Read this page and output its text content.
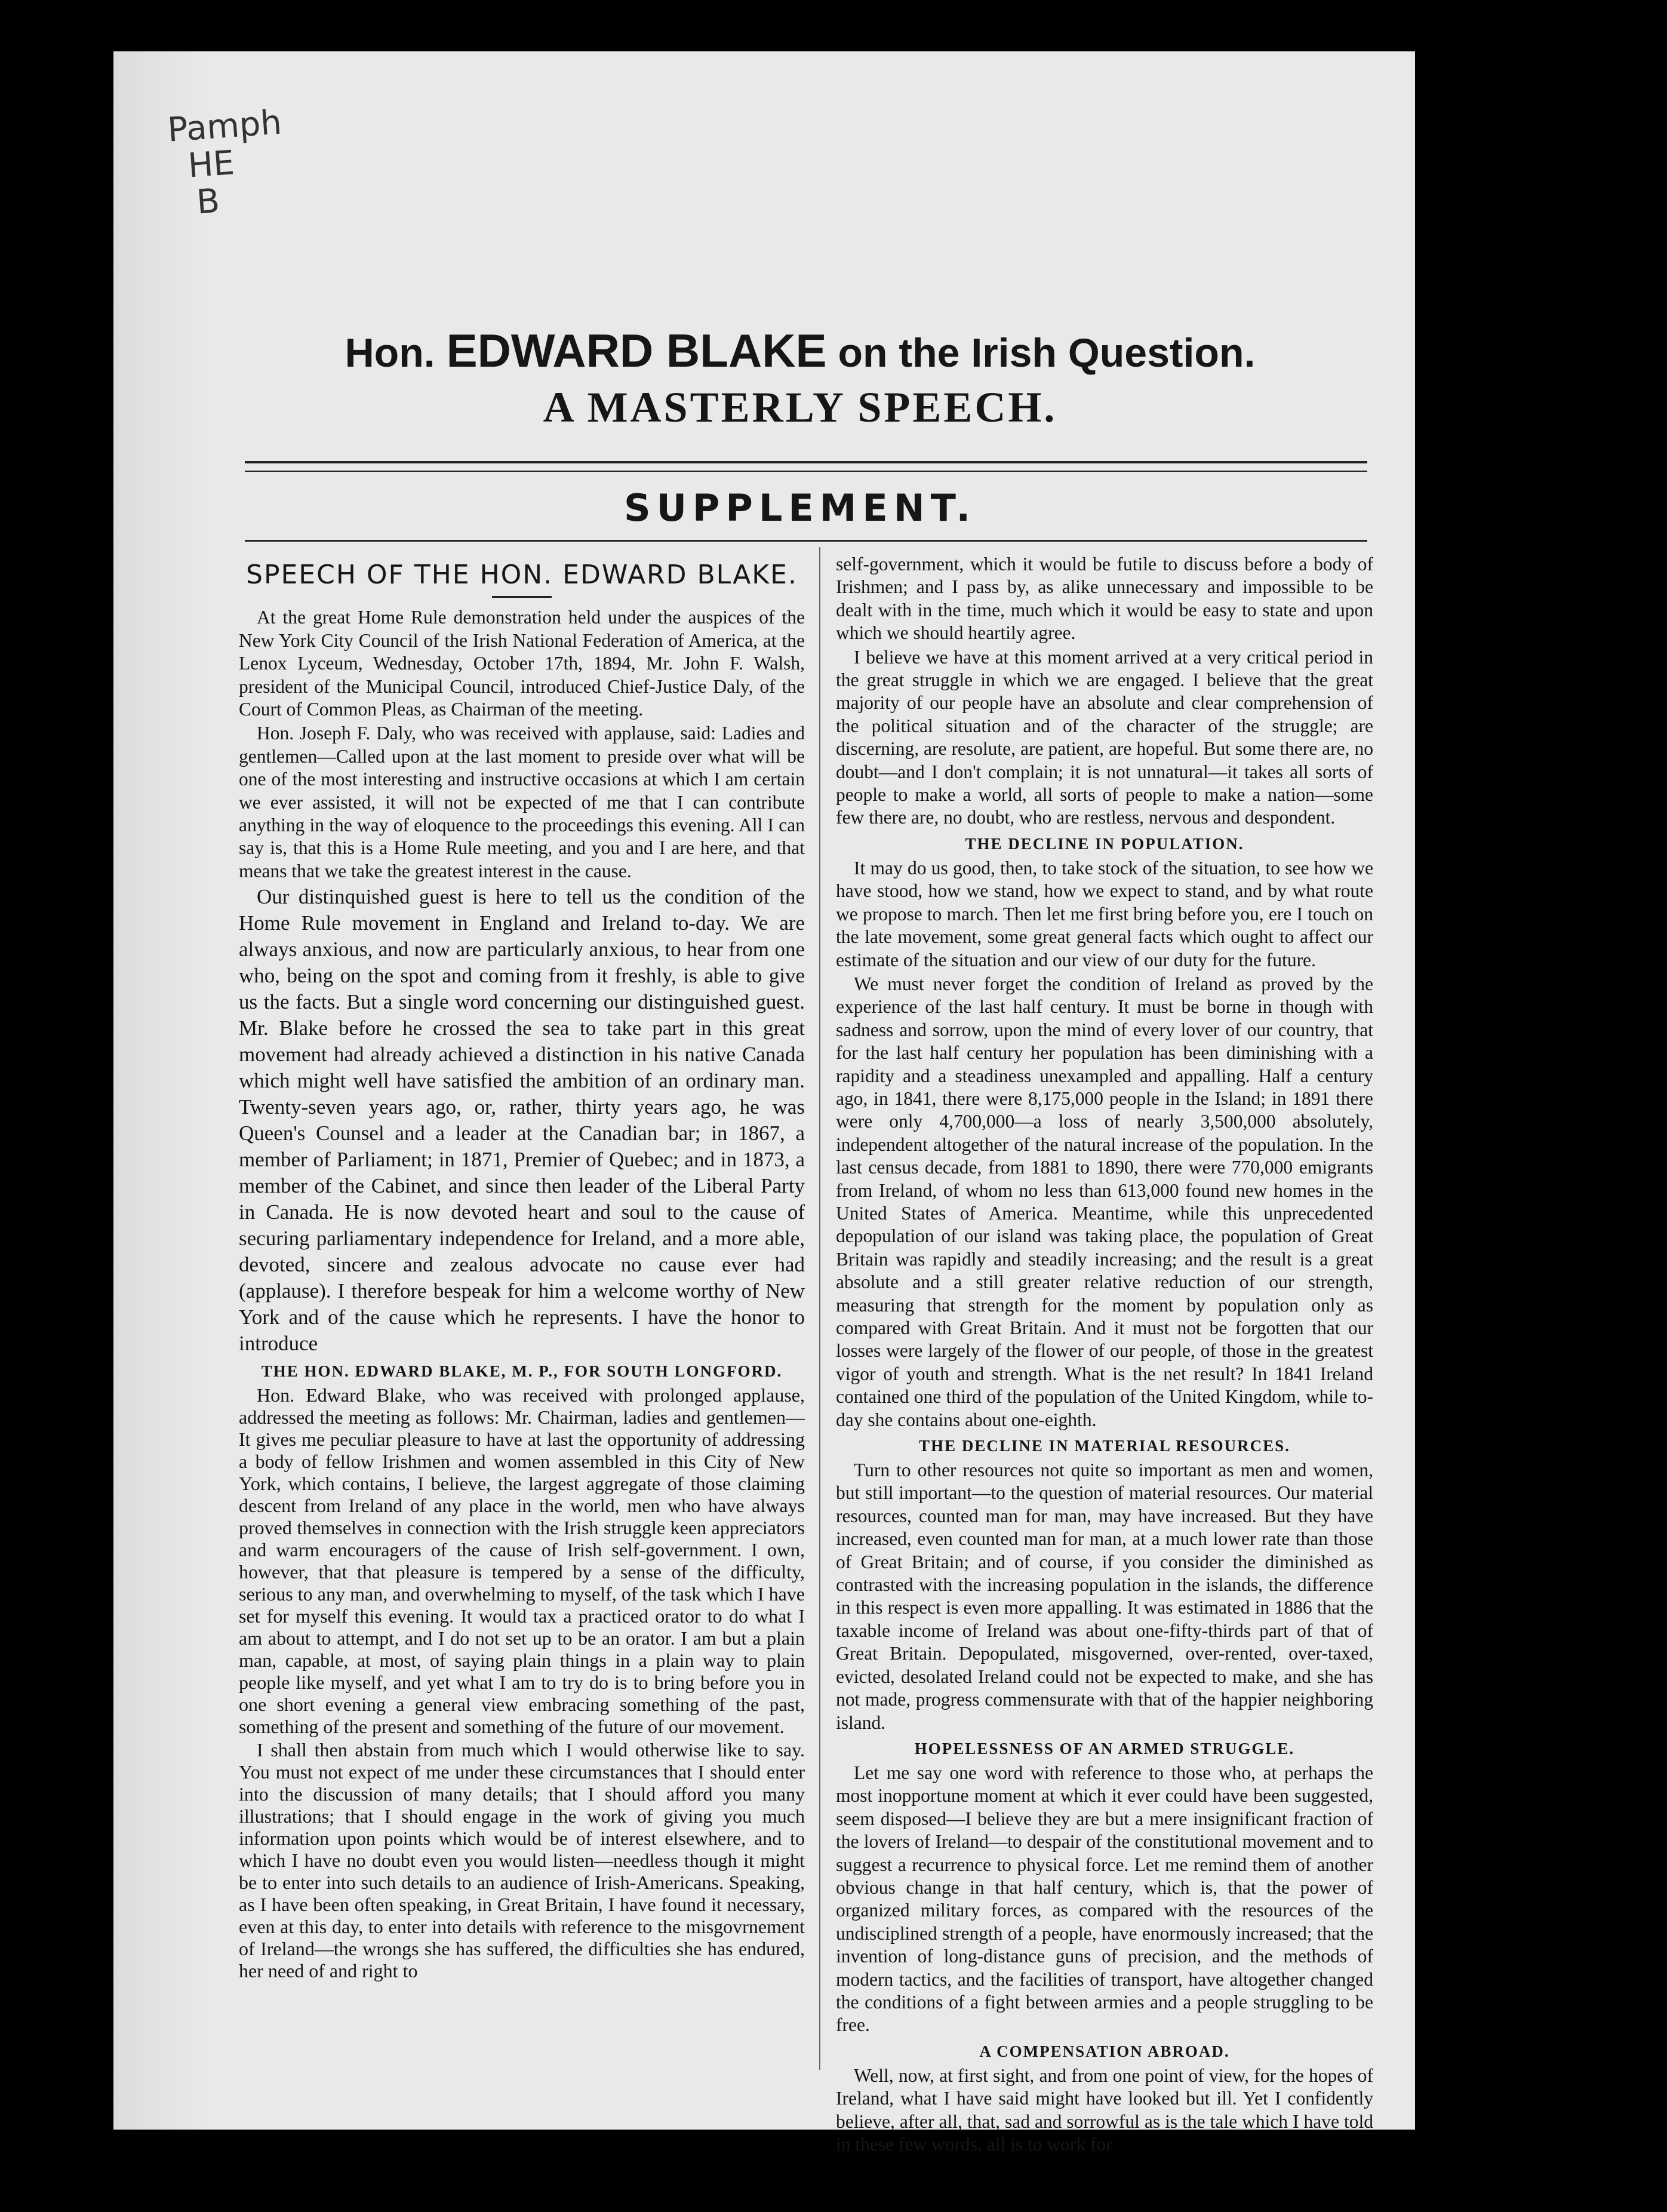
Pamph
HE
B
Hon. EDWARD BLAKE on the Irish Question.
A MASTERLY SPEECH.
SUPPLEMENT.
SPEECH OF THE HON. EDWARD BLAKE.

At the great Home Rule demonstration held under the auspices of the New York City Council of the Irish National Federation of America, at the Lenox Lyceum, Wednesday, October 17th, 1894, Mr. John F. Walsh, president of the Municipal Council, introduced Chief-Justice Daly, of the Court of Common Pleas, as Chairman of the meeting.

Hon. Joseph F. Daly, who was received with applause, said: Ladies and gentlemen—Called upon at the last moment to preside over what will be one of the most interesting and instructive occasions at which I am certain we ever assisted, it will not be expected of me that I can contribute anything in the way of eloquence to the proceedings this evening. All I can say is, that this is a Home Rule meeting, and you and I are here, and that means that we take the greatest interest in the cause.

Our distinquished guest is here to tell us the condition of the Home Rule movement in England and Ireland to-day. We are always anxious, and now are particularly anxious, to hear from one who, being on the spot and coming from it freshly, is able to give us the facts. But a single word concerning our distinguished guest. Mr. Blake before he crossed the sea to take part in this great movement had already achieved a distinction in his native Canada which might well have satisfied the ambition of an ordinary man. Twenty-seven years ago, or, rather, thirty years ago, he was Queen's Counsel and a leader at the Canadian bar; in 1867, a member of Parliament; in 1871, Premier of Quebec; and in 1873, a member of the Cabinet, and since then leader of the Liberal Party in Canada. He is now devoted heart and soul to the cause of securing parliamentary independence for Ireland, and a more able, devoted, sincere and zealous advocate no cause ever had (applause). I therefore bespeak for him a welcome worthy of New York and of the cause which he represents. I have the honor to introduce

THE HON. EDWARD BLAKE, M. P., FOR SOUTH LONGFORD.

Hon. Edward Blake, who was received with prolonged applause, addressed the meeting as follows: Mr. Chairman, ladies and gentlemen—It gives me peculiar pleasure to have at last the opportunity of addressing a body of fellow Irishmen and women assembled in this City of New York, which contains, I believe, the largest aggregate of those claiming descent from Ireland of any place in the world, men who have always proved themselves in connection with the Irish struggle keen appreciators and warm encouragers of the cause of Irish self-government. I own, however, that that pleasure is tempered by a sense of the difficulty, serious to any man, and overwhelming to myself, of the task which I have set for myself this evening. It would tax a practiced orator to do what I am about to attempt, and I do not set up to be an orator. I am but a plain man, capable, at most, of saying plain things in a plain way to plain people like myself, and yet what I am to try do is to bring before you in one short evening a general view embracing something of the past, something of the present and something of the future of our movement.

I shall then abstain from much which I would otherwise like to say. You must not expect of me under these circumstances that I should enter into the discussion of many details; that I should afford you many illustrations; that I should engage in the work of giving you much information upon points which would be of interest elsewhere, and to which I have no doubt even you would listen—needless though it might be to enter into such details to an audience of Irish-Americans. Speaking, as I have been often speaking, in Great Britain, I have found it necessary, even at this day, to enter into details with reference to the misgovrnement of Ireland—the wrongs she has suffered, the difficulties she has endured, her need of and right to

self-government, which it would be futile to discuss before a body of Irishmen; and I pass by, as alike unnecessary and impossible to be dealt with in the time, much which it would be easy to state and upon which we should heartily agree.

I believe we have at this moment arrived at a very critical period in the great struggle in which we are engaged. I believe that the great majority of our people have an absolute and clear comprehension of the political situation and of the character of the struggle; are discerning, are resolute, are patient, are hopeful. But some there are, no doubt—and I don't complain; it is not unnatural—it takes all sorts of people to make a world, all sorts of people to make a nation—some few there are, no doubt, who are restless, nervous and despondent.

THE DECLINE IN POPULATION.

It may do us good, then, to take stock of the situation, to see how we have stood, how we stand, how we expect to stand, and by what route we propose to march. Then let me first bring before you, ere I touch on the late movement, some great general facts which ought to affect our estimate of the situation and our view of our duty for the future.

We must never forget the condition of Ireland as proved by the experience of the last half century. It must be borne in though with sadness and sorrow, upon the mind of every lover of our country, that for the last half century her population has been diminishing with a rapidity and a steadiness unexampled and appalling. Half a century ago, in 1841, there were 8,175,000 people in the Island; in 1891 there were only 4,700,000—a loss of nearly 3,500,000 absolutely, independent altogether of the natural increase of the population. In the last census decade, from 1881 to 1890, there were 770,000 emigrants from Ireland, of whom no less than 613,000 found new homes in the United States of America. Meantime, while this unprecedented depopulation of our island was taking place, the population of Great Britain was rapidly and steadily increasing; and the result is a great absolute and a still greater relative reduction of our strength, measuring that strength for the moment by population only as compared with Great Britain. And it must not be forgotten that our losses were largely of the flower of our people, of those in the greatest vigor of youth and strength. What is the net result? In 1841 Ireland contained one third of the population of the United Kingdom, while to-day she contains about one-eighth.

THE DECLINE IN MATERIAL RESOURCES.

Turn to other resources not quite so important as men and women, but still important—to the question of material resources. Our material resources, counted man for man, may have increased. But they have increased, even counted man for man, at a much lower rate than those of Great Britain; and of course, if you consider the diminished as contrasted with the increasing population in the islands, the difference in this respect is even more appalling. It was estimated in 1886 that the taxable income of Ireland was about one-fifty-thirds part of that of Great Britain. Depopulated, misgoverned, over-rented, over-taxed, evicted, desolated Ireland could not be expected to make, and she has not made, progress commensurate with that of the happier neighboring island.

HOPELESSNESS OF AN ARMED STRUGGLE.

Let me say one word with reference to those who, at perhaps the most inopportune moment at which it ever could have been suggested, seem disposed—I believe they are but a mere insignificant fraction of the lovers of Ireland—to despair of the constitutional movement and to suggest a recurrence to physical force. Let me remind them of another obvious change in that half century, which is, that the power of organized military forces, as compared with the resources of the undisciplined strength of a people, have enormously increased; that the invention of long-distance guns of precision, and the methods of modern tactics, and the facilities of transport, have altogether changed the conditions of a fight between armies and a people struggling to be free.

A COMPENSATION ABROAD.

Well, now, at first sight, and from one point of view, for the hopes of Ireland, what I have said might have looked but ill. Yet I confidently believe, after all, that, sad and sorrowful as is the tale which I have told in these few words, all is to work for
